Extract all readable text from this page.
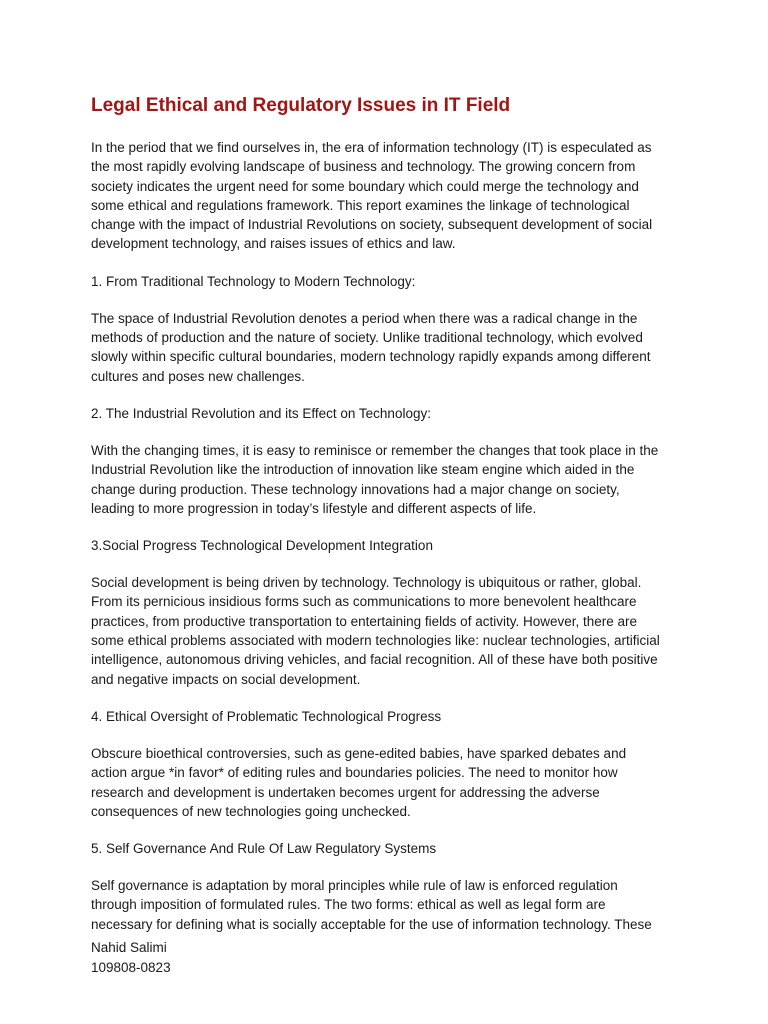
Legal Ethical and Regulatory Issues in IT Field

In the period that we find ourselves in, the era of information technology (IT) is especulated as
the most rapidly evolving landscape of business and technology. The growing concern from
society indicates the urgent need for some boundary which could merge the technology and
some ethical and regulations framework. This report examines the linkage of technological
change with the impact of Industrial Revolutions on society, subsequent development of social
development technology, and raises issues of ethics and law.

1. From Traditional Technology to Modern Technology:

The space of Industrial Revolution denotes a period when there was a radical change in the
methods of production and the nature of society. Unlike traditional technology, which evolved
slowly within specific cultural boundaries, modern technology rapidly expands among different
cultures and poses new challenges.

2. The Industrial Revolution and its Effect on Technology:

With the changing times, it is easy to reminisce or remember the changes that took place in the
Industrial Revolution like the introduction of innovation like steam engine which aided in the
change during production. These technology innovations had a major change on society,
leading to more progression in today’s lifestyle and different aspects of life.

3.Social Progress Technological Development Integration

Social development is being driven by technology. Technology is ubiquitous or rather, global.
From its pernicious insidious forms such as communications to more benevolent healthcare
practices, from productive transportation to entertaining fields of activity. However, there are
some ethical problems associated with modern technologies like: nuclear technologies, artificial
intelligence, autonomous driving vehicles, and facial recognition. All of these have both positive
and negative impacts on social development.

4. Ethical Oversight of Problematic Technological Progress

Obscure bioethical controversies, such as gene-edited babies, have sparked debates and
action argue *in favor* of editing rules and boundaries policies. The need to monitor how
research and development is undertaken becomes urgent for addressing the adverse
consequences of new technologies going unchecked.

5. Self Governance And Rule Of Law Regulatory Systems

Self governance is adaptation by moral principles while rule of law is enforced regulation
through imposition of formulated rules. The two forms: ethical as well as legal form are
necessary for defining what is socially acceptable for the use of information technology. These

Nahid Salimi
109808-0823
